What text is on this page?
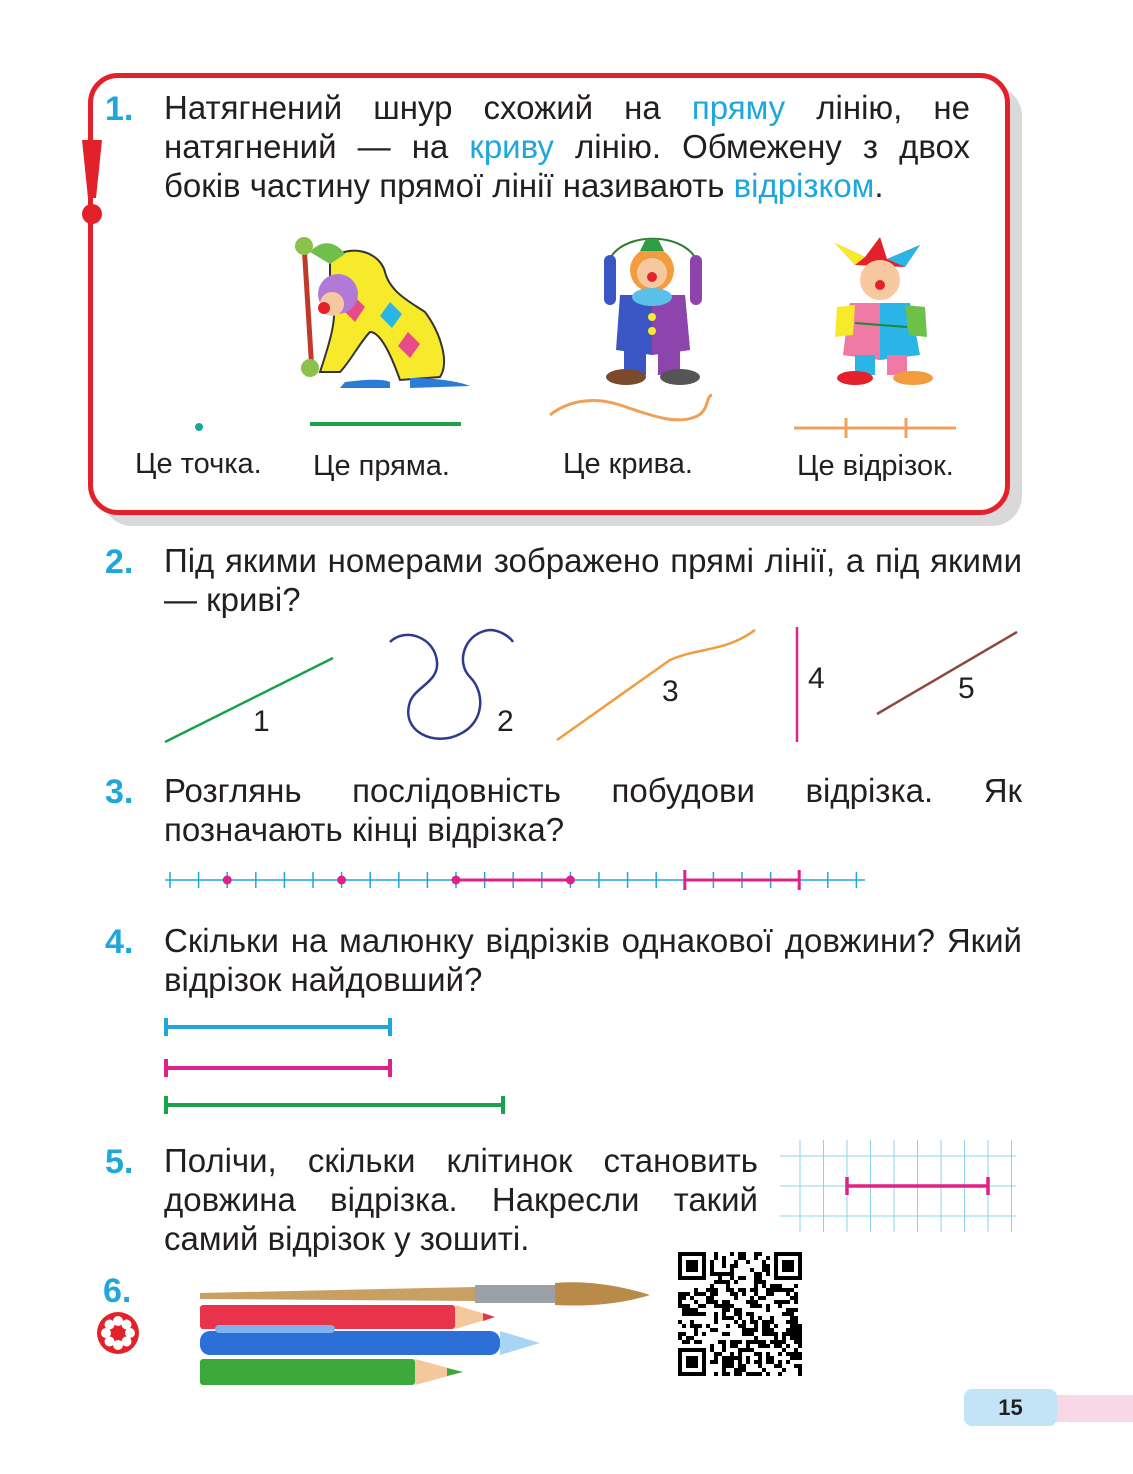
1. Натягнений шнур схожий на пряму лінію, не натягнений — на криву лінію. Обмежену з двох боків частину прямої лінії називають відрізком.
Це точка. Це пряма.	Це крива.	Це відрізок.
2. Під якими номерами зображено прямі лінії, а під якими — криві?
1	2
3	4	5
3. Розглянь послідовність побудови відрізка. Як позначають кінці відрізка?
4. Скільки на малюнку відрізків однакової довжини? Який відрізок найдовший?
5. Полічи, скільки клітинок становить довжина відрізка. Накресли такий самий відрізок у зошиті.
6.
15
